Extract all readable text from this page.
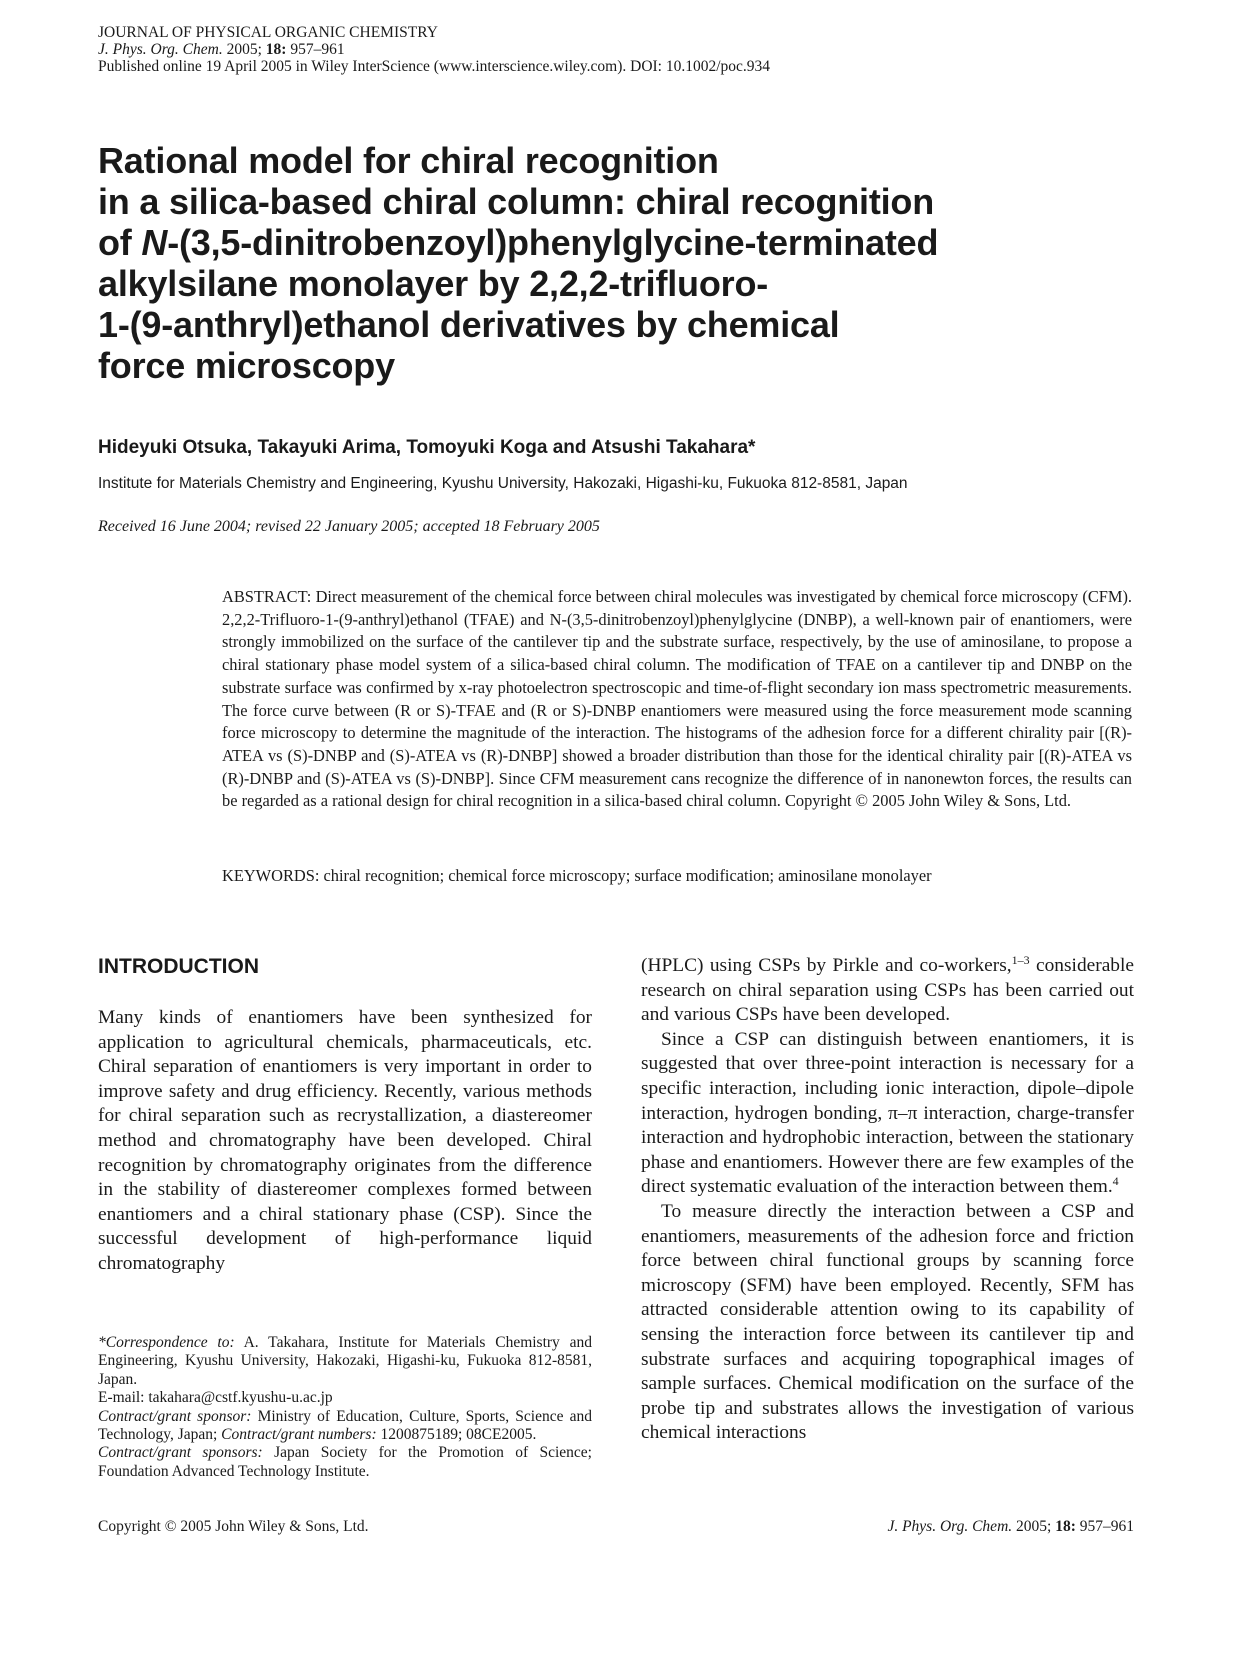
JOURNAL OF PHYSICAL ORGANIC CHEMISTRY
J. Phys. Org. Chem. 2005; 18: 957–961
Published online 19 April 2005 in Wiley InterScience (www.interscience.wiley.com). DOI: 10.1002/poc.934
Rational model for chiral recognition
in a silica-based chiral column: chiral recognition
of N-(3,5-dinitrobenzoyl)phenylglycine-terminated
alkylsilane monolayer by 2,2,2-trifluoro-
1-(9-anthryl)ethanol derivatives by chemical
force microscopy
Hideyuki Otsuka, Takayuki Arima, Tomoyuki Koga and Atsushi Takahara*
Institute for Materials Chemistry and Engineering, Kyushu University, Hakozaki, Higashi-ku, Fukuoka 812-8581, Japan
Received 16 June 2004; revised 22 January 2005; accepted 18 February 2005

ABSTRACT: Direct measurement of the chemical force between chiral molecules was investigated by chemical force microscopy (CFM). 2,2,2-Trifluoro-1-(9-anthryl)ethanol (TFAE) and N-(3,5-dinitrobenzoyl)phenylglycine (DNBP), a well-known pair of enantiomers, were strongly immobilized on the surface of the cantilever tip and the substrate surface, respectively, by the use of aminosilane, to propose a chiral stationary phase model system of a silica-based chiral column. The modification of TFAE on a cantilever tip and DNBP on the substrate surface was confirmed by x-ray photoelectron spectroscopic and time-of-flight secondary ion mass spectrometric measurements. The force curve between (R or S)-TFAE and (R or S)-DNBP enantiomers were measured using the force measurement mode scanning force microscopy to determine the magnitude of the interaction. The histograms of the adhesion force for a different chirality pair [(R)-ATEA vs (S)-DNBP and (S)-ATEA vs (R)-DNBP] showed a broader distribution than those for the identical chirality pair [(R)-ATEA vs (R)-DNBP and (S)-ATEA vs (S)-DNBP]. Since CFM measurement cans recognize the difference of in nanonewton forces, the results can be regarded as a rational design for chiral recognition in a silica-based chiral column. Copyright © 2005 John Wiley & Sons, Ltd.

KEYWORDS: chiral recognition; chemical force microscopy; surface modification; aminosilane monolayer
INTRODUCTION

Many kinds of enantiomers have been synthesized for application to agricultural chemicals, pharmaceuticals, etc. Chiral separation of enantiomers is very important in order to improve safety and drug efficiency. Recently, various methods for chiral separation such as recrystallization, a diastereomer method and chromatography have been developed. Chiral recognition by chromatography originates from the difference in the stability of diastereomer complexes formed between enantiomers and a chiral stationary phase (CSP). Since the successful development of high-performance liquid chromatography

(HPLC) using CSPs by Pirkle and co-workers,$^{1-3}$ considerable research on chiral separation using CSPs has been carried out and various CSPs have been developed.

Since a CSP can distinguish between enantiomers, it is suggested that over three-point interaction is necessary for a specific interaction, including ionic interaction, dipole–dipole interaction, hydrogen bonding, π–π interaction, charge-transfer interaction and hydrophobic interaction, between the stationary phase and enantiomers. However there are few examples of the direct systematic evaluation of the interaction between them.$^4$

To measure directly the interaction between a CSP and enantiomers, measurements of the adhesion force and friction force between chiral functional groups by scanning force microscopy (SFM) have been employed. Recently, SFM has attracted considerable attention owing to its capability of sensing the interaction force between its cantilever tip and substrate surfaces and acquiring topographical images of sample surfaces. Chemical modification on the surface of the probe tip and substrates allows the investigation of various chemical interactions

*Correspondence to: A. Takahara, Institute for Materials Chemistry and Engineering, Kyushu University, Hakozaki, Higashi-ku, Fukuoka 812-8581, Japan.

E-mail: takahara@cstf.kyushu-u.ac.jp

Contract/grant sponsor: Ministry of Education, Culture, Sports, Science and Technology, Japan; Contract/grant numbers: 1200875189; 08CE2005.

Contract/grant sponsors: Japan Society for the Promotion of Science; Foundation Advanced Technology Institute.

Copyright © 2005 John Wiley & Sons, Ltd.	J. Phys. Org. Chem. 2005; 18: 957–961
